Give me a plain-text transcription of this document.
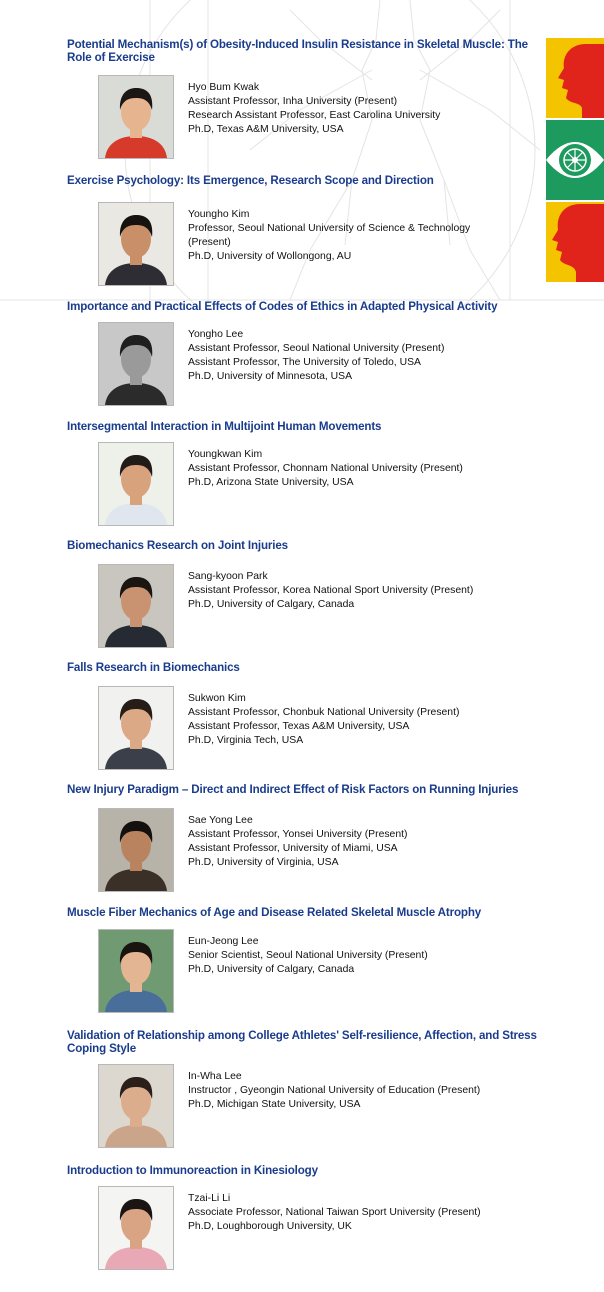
Potential Mechanism(s) of Obesity-Induced Insulin Resistance in Skeletal Muscle: The Role of Exercise
Hyo Bum Kwak
Assistant Professor, Inha University (Present)
Research Assistant Professor, East Carolina University
Ph.D, Texas A&M University, USA
Exercise Psychology: Its Emergence, Research Scope and Direction
Youngho Kim
Professor, Seoul National University of Science & Technology
(Present)
Ph.D, University of Wollongong, AU
Importance and Practical Effects of Codes of Ethics in Adapted Physical Activity
Yongho Lee
Assistant Professor, Seoul National University (Present)
Assistant Professor, The University of Toledo, USA
Ph.D, University of Minnesota, USA
Intersegmental Interaction in Multijoint Human Movements
Youngkwan Kim
Assistant Professor, Chonnam National University (Present)
Ph.D, Arizona State University, USA
Biomechanics Research on Joint Injuries
Sang-kyoon Park
Assistant Professor, Korea National Sport University (Present)
Ph.D, University of Calgary, Canada
Falls Research in Biomechanics
Sukwon Kim
Assistant Professor, Chonbuk National University (Present)
Assistant Professor, Texas A&M University, USA
Ph.D, Virginia Tech, USA
New Injury Paradigm – Direct and Indirect Effect of Risk Factors on Running Injuries
Sae Yong Lee
Assistant Professor, Yonsei University (Present)
Assistant Professor, University of Miami, USA
Ph.D, University of Virginia, USA
Muscle Fiber Mechanics of Age and Disease Related Skeletal Muscle Atrophy
Eun-Jeong Lee
Senior Scientist, Seoul National University (Present)
Ph.D, University of Calgary, Canada
Validation of Relationship among College Athletes' Self-resilience, Affection, and Stress Coping Style
In-Wha Lee
Instructor , Gyeongin National University of Education (Present)
Ph.D, Michigan State University, USA
Introduction to Immunoreaction in Kinesiology
Tzai-Li Li
Associate Professor, National Taiwan Sport University (Present)
Ph.D, Loughborough University, UK
